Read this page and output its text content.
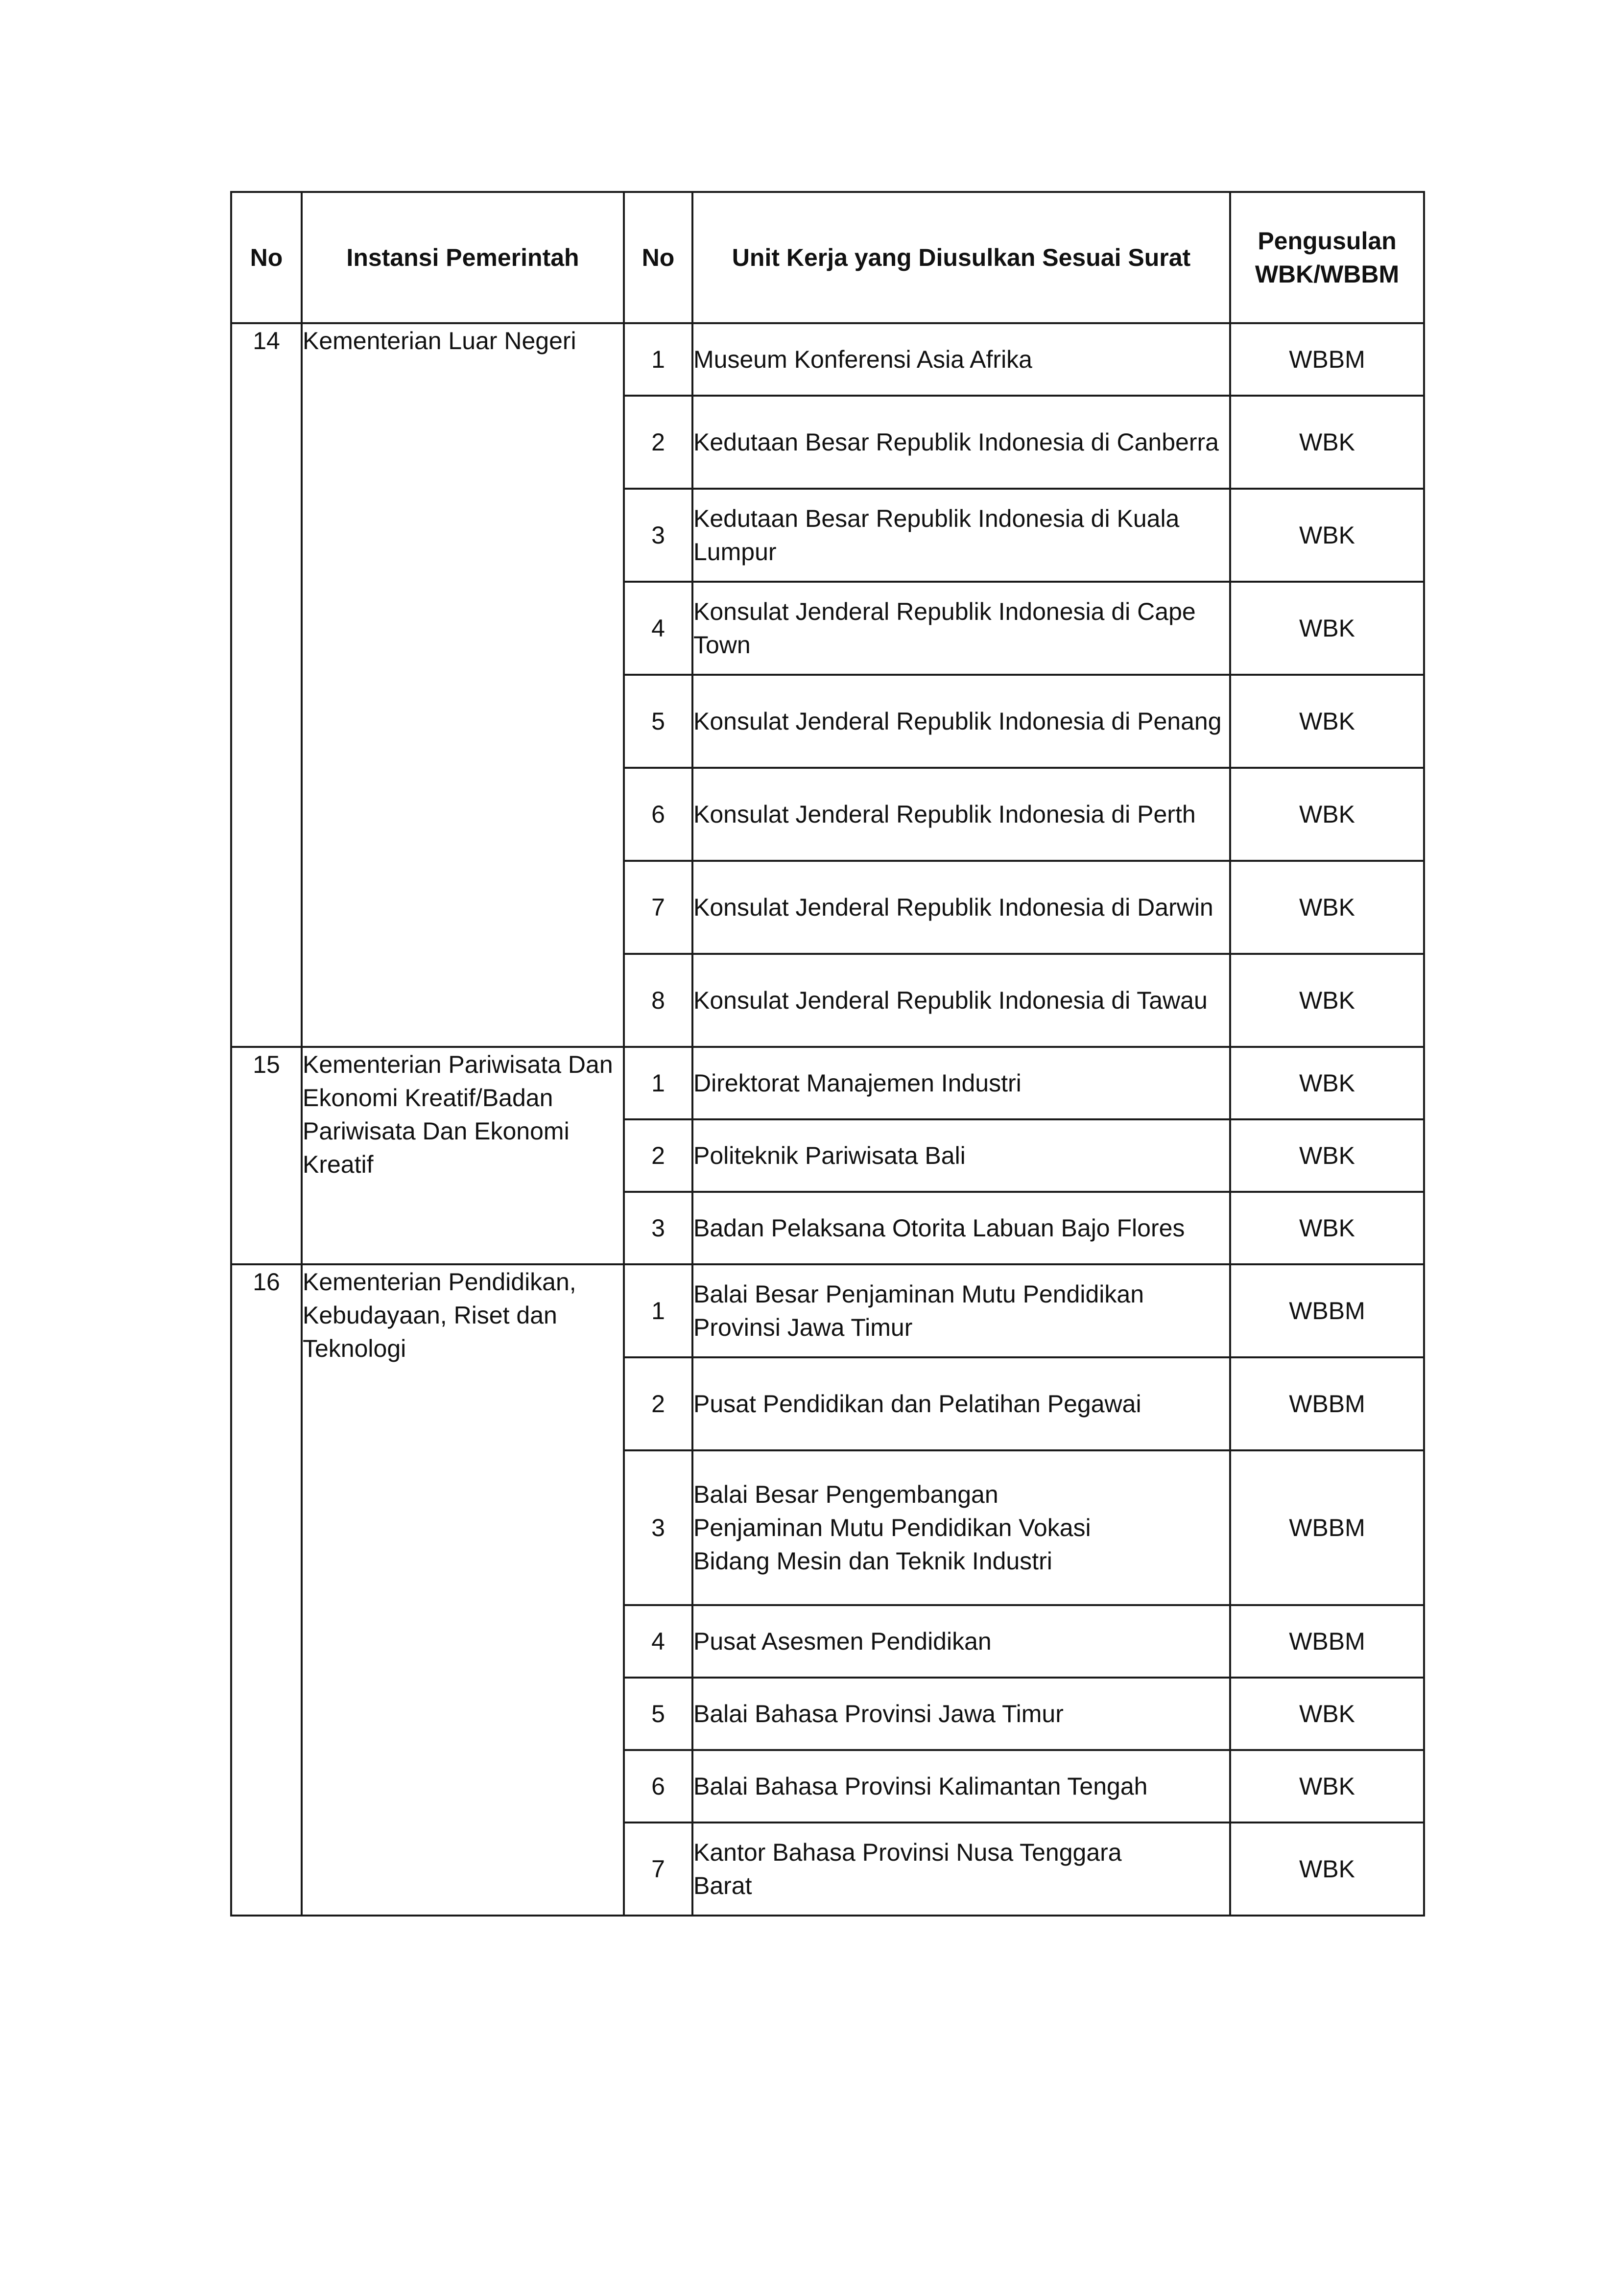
No	Instansi Pemerintah	No	Unit Kerja yang Diusulkan Sesuai Surat	Pengusulan WBK/WBBM
14	Kementerian Luar Negeri	1	Museum Konferensi Asia Afrika	WBBM
		2	Kedutaan Besar Republik Indonesia di Canberra	WBK
		3	Kedutaan Besar Republik Indonesia di Kuala Lumpur	WBK
		4	Konsulat Jenderal Republik Indonesia di Cape Town	WBK
		5	Konsulat Jenderal Republik Indonesia di Penang	WBK
		6	Konsulat Jenderal Republik Indonesia di Perth	WBK
		7	Konsulat Jenderal Republik Indonesia di Darwin	WBK
		8	Konsulat Jenderal Republik Indonesia di Tawau	WBK
15	Kementerian Pariwisata Dan Ekonomi Kreatif/Badan Pariwisata Dan Ekonomi Kreatif	1	Direktorat Manajemen Industri	WBK
		2	Politeknik Pariwisata Bali	WBK
		3	Badan Pelaksana Otorita Labuan Bajo Flores	WBK
16	Kementerian Pendidikan, Kebudayaan, Riset dan Teknologi	1	Balai Besar Penjaminan Mutu Pendidikan Provinsi Jawa Timur	WBBM
		2	Pusat Pendidikan dan Pelatihan Pegawai	WBBM
		3	Balai Besar Pengembangan Penjaminan Mutu Pendidikan Vokasi Bidang Mesin dan Teknik Industri	WBBM
		4	Pusat Asesmen Pendidikan	WBBM
		5	Balai Bahasa Provinsi Jawa Timur	WBK
		6	Balai Bahasa Provinsi Kalimantan Tengah	WBK
		7	Kantor Bahasa Provinsi Nusa Tenggara Barat	WBK
